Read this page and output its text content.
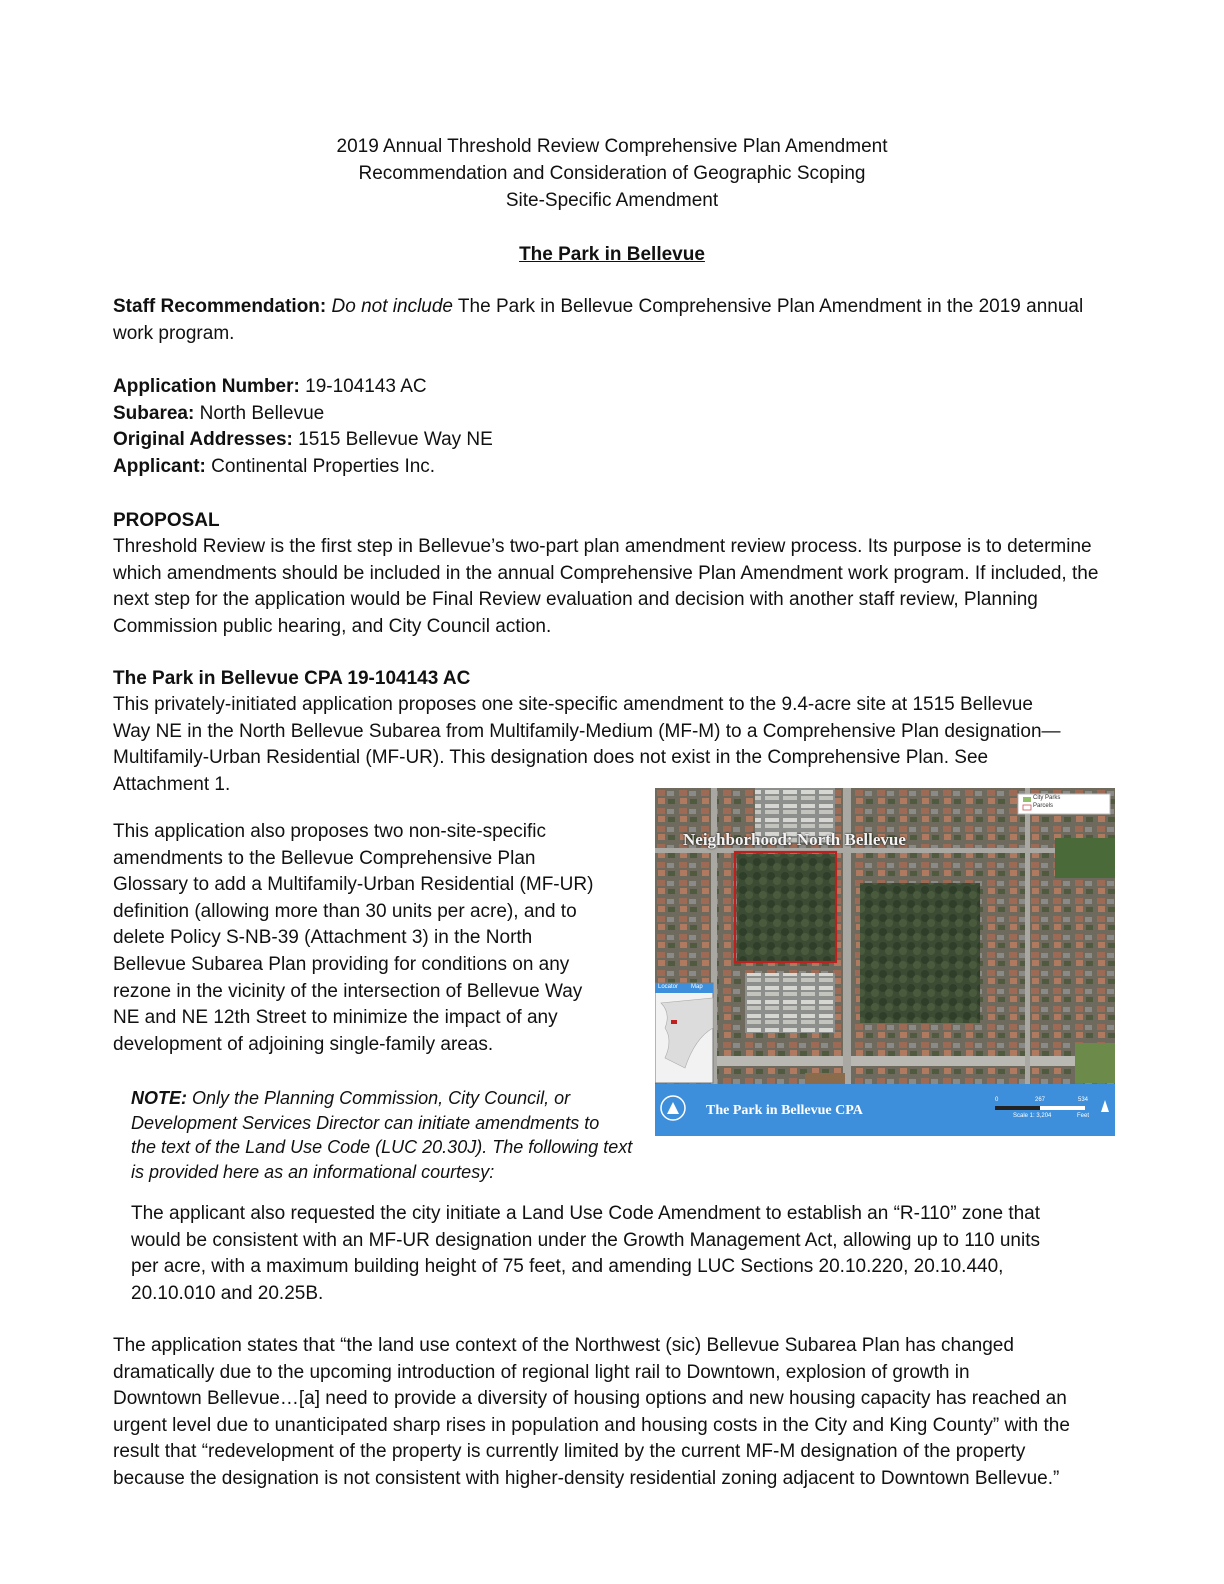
2019 Annual Threshold Review Comprehensive Plan Amendment
Recommendation and Consideration of Geographic Scoping
Site-Specific Amendment
The Park in Bellevue
Staff Recommendation: Do not include The Park in Bellevue Comprehensive Plan Amendment in the 2019 annual
work program.
Application Number: 19-104143 AC
Subarea: North Bellevue
Original Addresses: 1515 Bellevue Way NE
Applicant: Continental Properties Inc.
PROPOSAL
Threshold Review is the first step in Bellevue’s two-part plan amendment review process. Its purpose is to determine
which amendments should be included in the annual Comprehensive Plan Amendment work program. If included, the
next step for the application would be Final Review evaluation and decision with another staff review, Planning
Commission public hearing, and City Council action.
The Park in Bellevue CPA 19-104143 AC
This privately-initiated application proposes one site-specific amendment to the 9.4-acre site at 1515 Bellevue
Way NE in the North Bellevue Subarea from Multifamily-Medium (MF-M) to a Comprehensive Plan designation—
Multifamily-Urban Residential (MF-UR). This designation does not exist in the Comprehensive Plan. See
Attachment 1.
This application also proposes two non-site-specific
amendments to the Bellevue Comprehensive Plan
Glossary to add a Multifamily-Urban Residential (MF-UR)
definition (allowing more than 30 units per acre), and to
delete Policy S-NB-39 (Attachment 3) in the North
Bellevue Subarea Plan providing for conditions on any
rezone in the vicinity of the intersection of Bellevue Way
NE and NE 12th Street to minimize the impact of any
development of adjoining single-family areas.
NOTE: Only the Planning Commission, City Council, or
Development Services Director can initiate amendments to
the text of the Land Use Code (LUC 20.30J). The following text
is provided here as an informational courtesy:
The applicant also requested the city initiate a Land Use Code Amendment to establish an “R-110” zone that
would be consistent with an MF-UR designation under the Growth Management Act, allowing up to 110 units
per acre, with a maximum building height of 75 feet, and amending LUC Sections 20.10.220, 20.10.440,
20.10.010 and 20.25B.
The application states that “the land use context of the Northwest (sic) Bellevue Subarea Plan has changed
dramatically due to the upcoming introduction of regional light rail to Downtown, explosion of growth in
Downtown Bellevue…[a] need to provide a diversity of housing options and new housing capacity has reached an
urgent level due to unanticipated sharp rises in population and housing costs in the City and King County” with the
result that “redevelopment of the property is currently limited by the current MF-M designation of the property
because the designation is not consistent with higher-density residential zoning adjacent to Downtown Bellevue.”
Neighborhood: North Bellevue
The Park in Bellevue CPA
City Parks
Parcels
Locator Map
0	267	534
Scale 1: 3,204	Feet
